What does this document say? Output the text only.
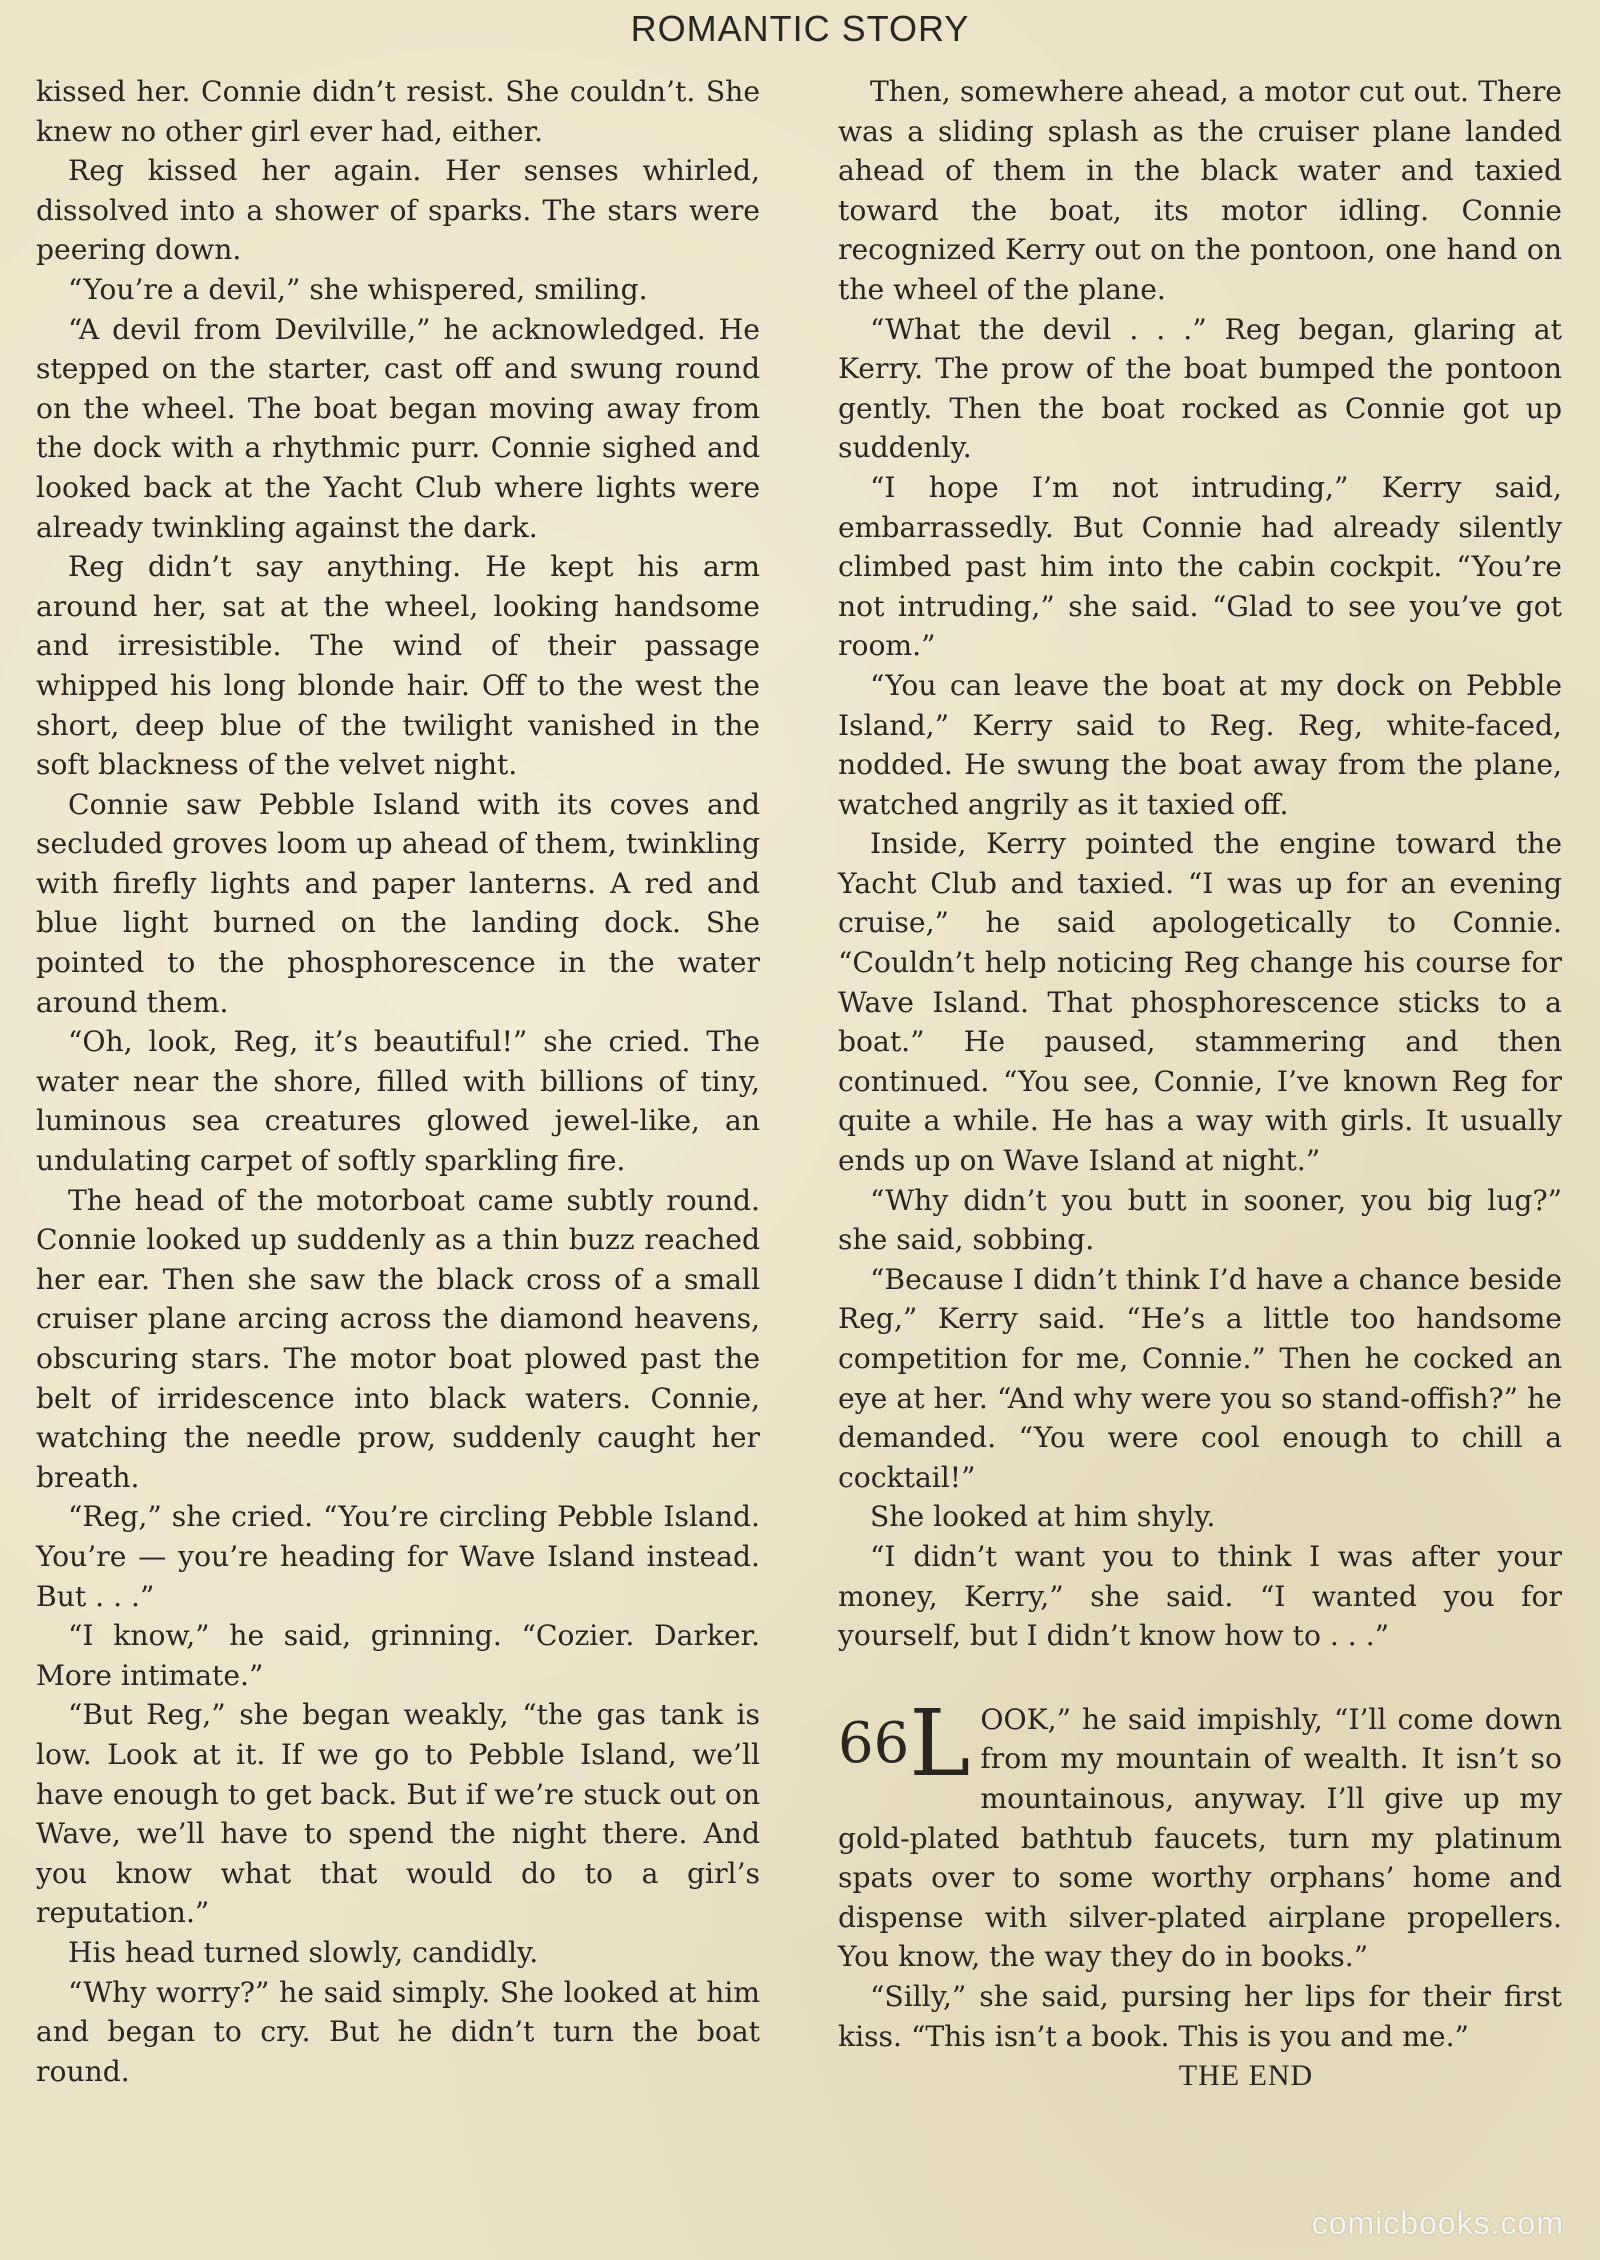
ROMANTIC STORY

kissed her. Connie didn’t resist. She couldn’t. She knew no other girl ever had, either.

Reg kissed her again. Her senses whirled, dissolved into a shower of sparks. The stars were peering down.

“You’re a devil,” she whispered, smiling.

“A devil from Devilville,” he acknowledged. He stepped on the starter, cast off and swung round on the wheel. The boat began moving away from the dock with a rhythmic purr. Connie sighed and looked back at the Yacht Club where lights were already twinkling against the dark.

Reg didn’t say anything. He kept his arm around her, sat at the wheel, looking handsome and irresistible. The wind of their passage whipped his long blonde hair. Off to the west the short, deep blue of the twilight vanished in the soft blackness of the velvet night.

Connie saw Pebble Island with its coves and secluded groves loom up ahead of them, twinkling with firefly lights and paper lanterns. A red and blue light burned on the landing dock. She pointed to the phosphorescence in the water around them.

“Oh, look, Reg, it’s beautiful!” she cried. The water near the shore, filled with billions of tiny, luminous sea creatures glowed jewel-like, an undulating carpet of softly sparkling fire.

The head of the motorboat came subtly round. Connie looked up suddenly as a thin buzz reached her ear. Then she saw the black cross of a small cruiser plane arcing across the diamond heavens, obscuring stars. The motor boat plowed past the belt of irridescence into black waters. Connie, watching the needle prow, suddenly caught her breath.

“Reg,” she cried. “You’re circling Pebble Island. You’re — you’re heading for Wave Island instead. But . . .”

“I know,” he said, grinning. “Cozier. Darker. More intimate.”

“But Reg,” she began weakly, “the gas tank is low. Look at it. If we go to Pebble Island, we’ll have enough to get back. But if we’re stuck out on Wave, we’ll have to spend the night there. And you know what that would do to a girl’s reputation.”

His head turned slowly, candidly.

“Why worry?” he said simply. She looked at him and began to cry. But he didn’t turn the boat round.

Then, somewhere ahead, a motor cut out. There was a sliding splash as the cruiser plane landed ahead of them in the black water and taxied toward the boat, its motor idling. Connie recognized Kerry out on the pontoon, one hand on the wheel of the plane.

“What the devil . . .” Reg began, glaring at Kerry. The prow of the boat bumped the pontoon gently. Then the boat rocked as Connie got up suddenly.

“I hope I’m not intruding,” Kerry said, embarrassedly. But Connie had already silently climbed past him into the cabin cockpit. “You’re not intruding,” she said. “Glad to see you’ve got room.”

“You can leave the boat at my dock on Pebble Island,” Kerry said to Reg. Reg, white-faced, nodded. He swung the boat away from the plane, watched angrily as it taxied off.

Inside, Kerry pointed the engine toward the Yacht Club and taxied. “I was up for an evening cruise,” he said apologetically to Connie. “Couldn’t help noticing Reg change his course for Wave Island. That phosphorescence sticks to a boat.” He paused, stammering and then continued. “You see, Connie, I’ve known Reg for quite a while. He has a way with girls. It usually ends up on Wave Island at night.”

“Why didn’t you butt in sooner, you big lug?” she said, sobbing.

“Because I didn’t think I’d have a chance beside Reg,” Kerry said. “He’s a little too handsome competition for me, Connie.” Then he cocked an eye at her. “And why were you so stand-offish?” he demanded. “You were cool enough to chill a cocktail!”

She looked at him shyly.

“I didn’t want you to think I was after your money, Kerry,” she said. “I wanted you for yourself, but I didn’t know how to . . .”

$^{66}$L OOK,” he said impishly, “I’ll come down from my mountain of wealth. It isn’t so mountainous, anyway. I’ll give up my gold-plated bathtub faucets, turn my platinum spats over to some worthy orphans’ home and dispense with silver-plated airplane propellers. You know, the way they do in books.”

“Silly,” she said, pursing her lips for their first kiss. “This isn’t a book. This is you and me.”

THE END

comicbooks.com
